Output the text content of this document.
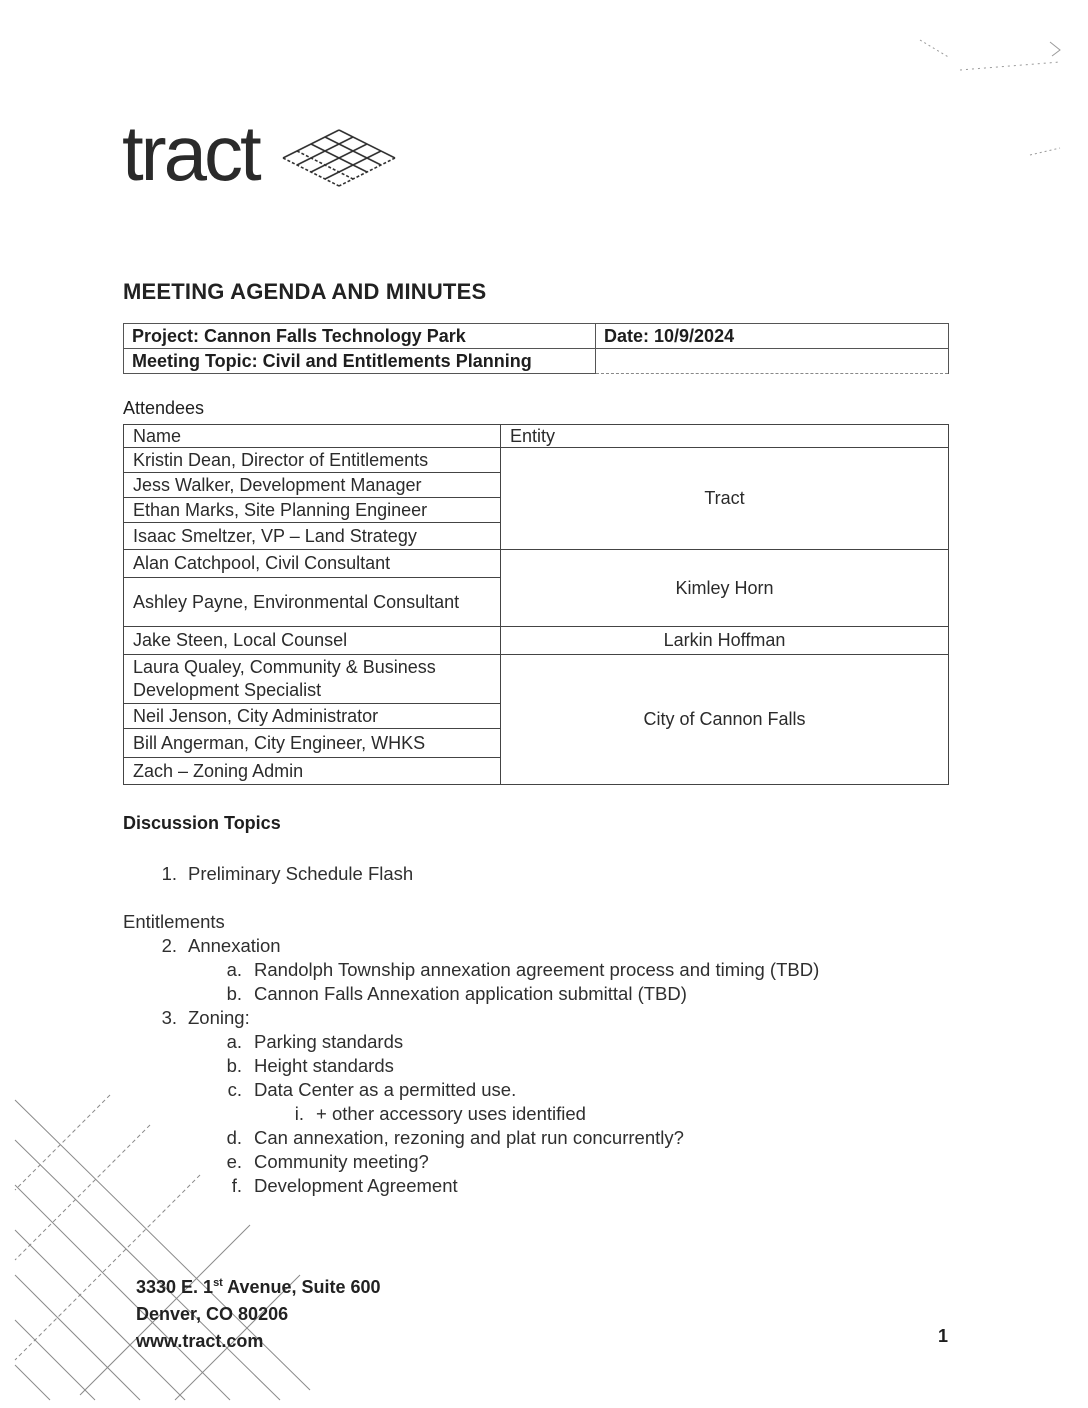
tract
MEETING AGENDA AND MINUTES
Project: Cannon Falls Technology Park	Date: 10/9/2024
Meeting Topic: Civil and Entitlements Planning	
Attendees
Name	Entity
Kristin Dean, Director of Entitlements	Tract
Jess Walker, Development Manager	
Ethan Marks, Site Planning Engineer	
Isaac Smeltzer, VP – Land Strategy	
Alan Catchpool, Civil Consultant	Kimley Horn
Ashley Payne, Environmental Consultant	
Jake Steen, Local Counsel	Larkin Hoffman
Laura Qualey, Community & Business Development Specialist	City of Cannon Falls
Neil Jenson, City Administrator	
Bill Angerman, City Engineer, WHKS	
Zach – Zoning Admin	
Discussion Topics
1. Preliminary Schedule Flash
Entitlements
2. Annexation
a. Randolph Township annexation agreement process and timing (TBD)
b. Cannon Falls Annexation application submittal (TBD)
3. Zoning:
a. Parking standards
b. Height standards
c. Data Center as a permitted use.
i. + other accessory uses identified
d. Can annexation, rezoning and plat run concurrently?
e. Community meeting?
f. Development Agreement
3330 E. 1st Avenue, Suite 600
Denver, CO 80206
www.tract.com	1
